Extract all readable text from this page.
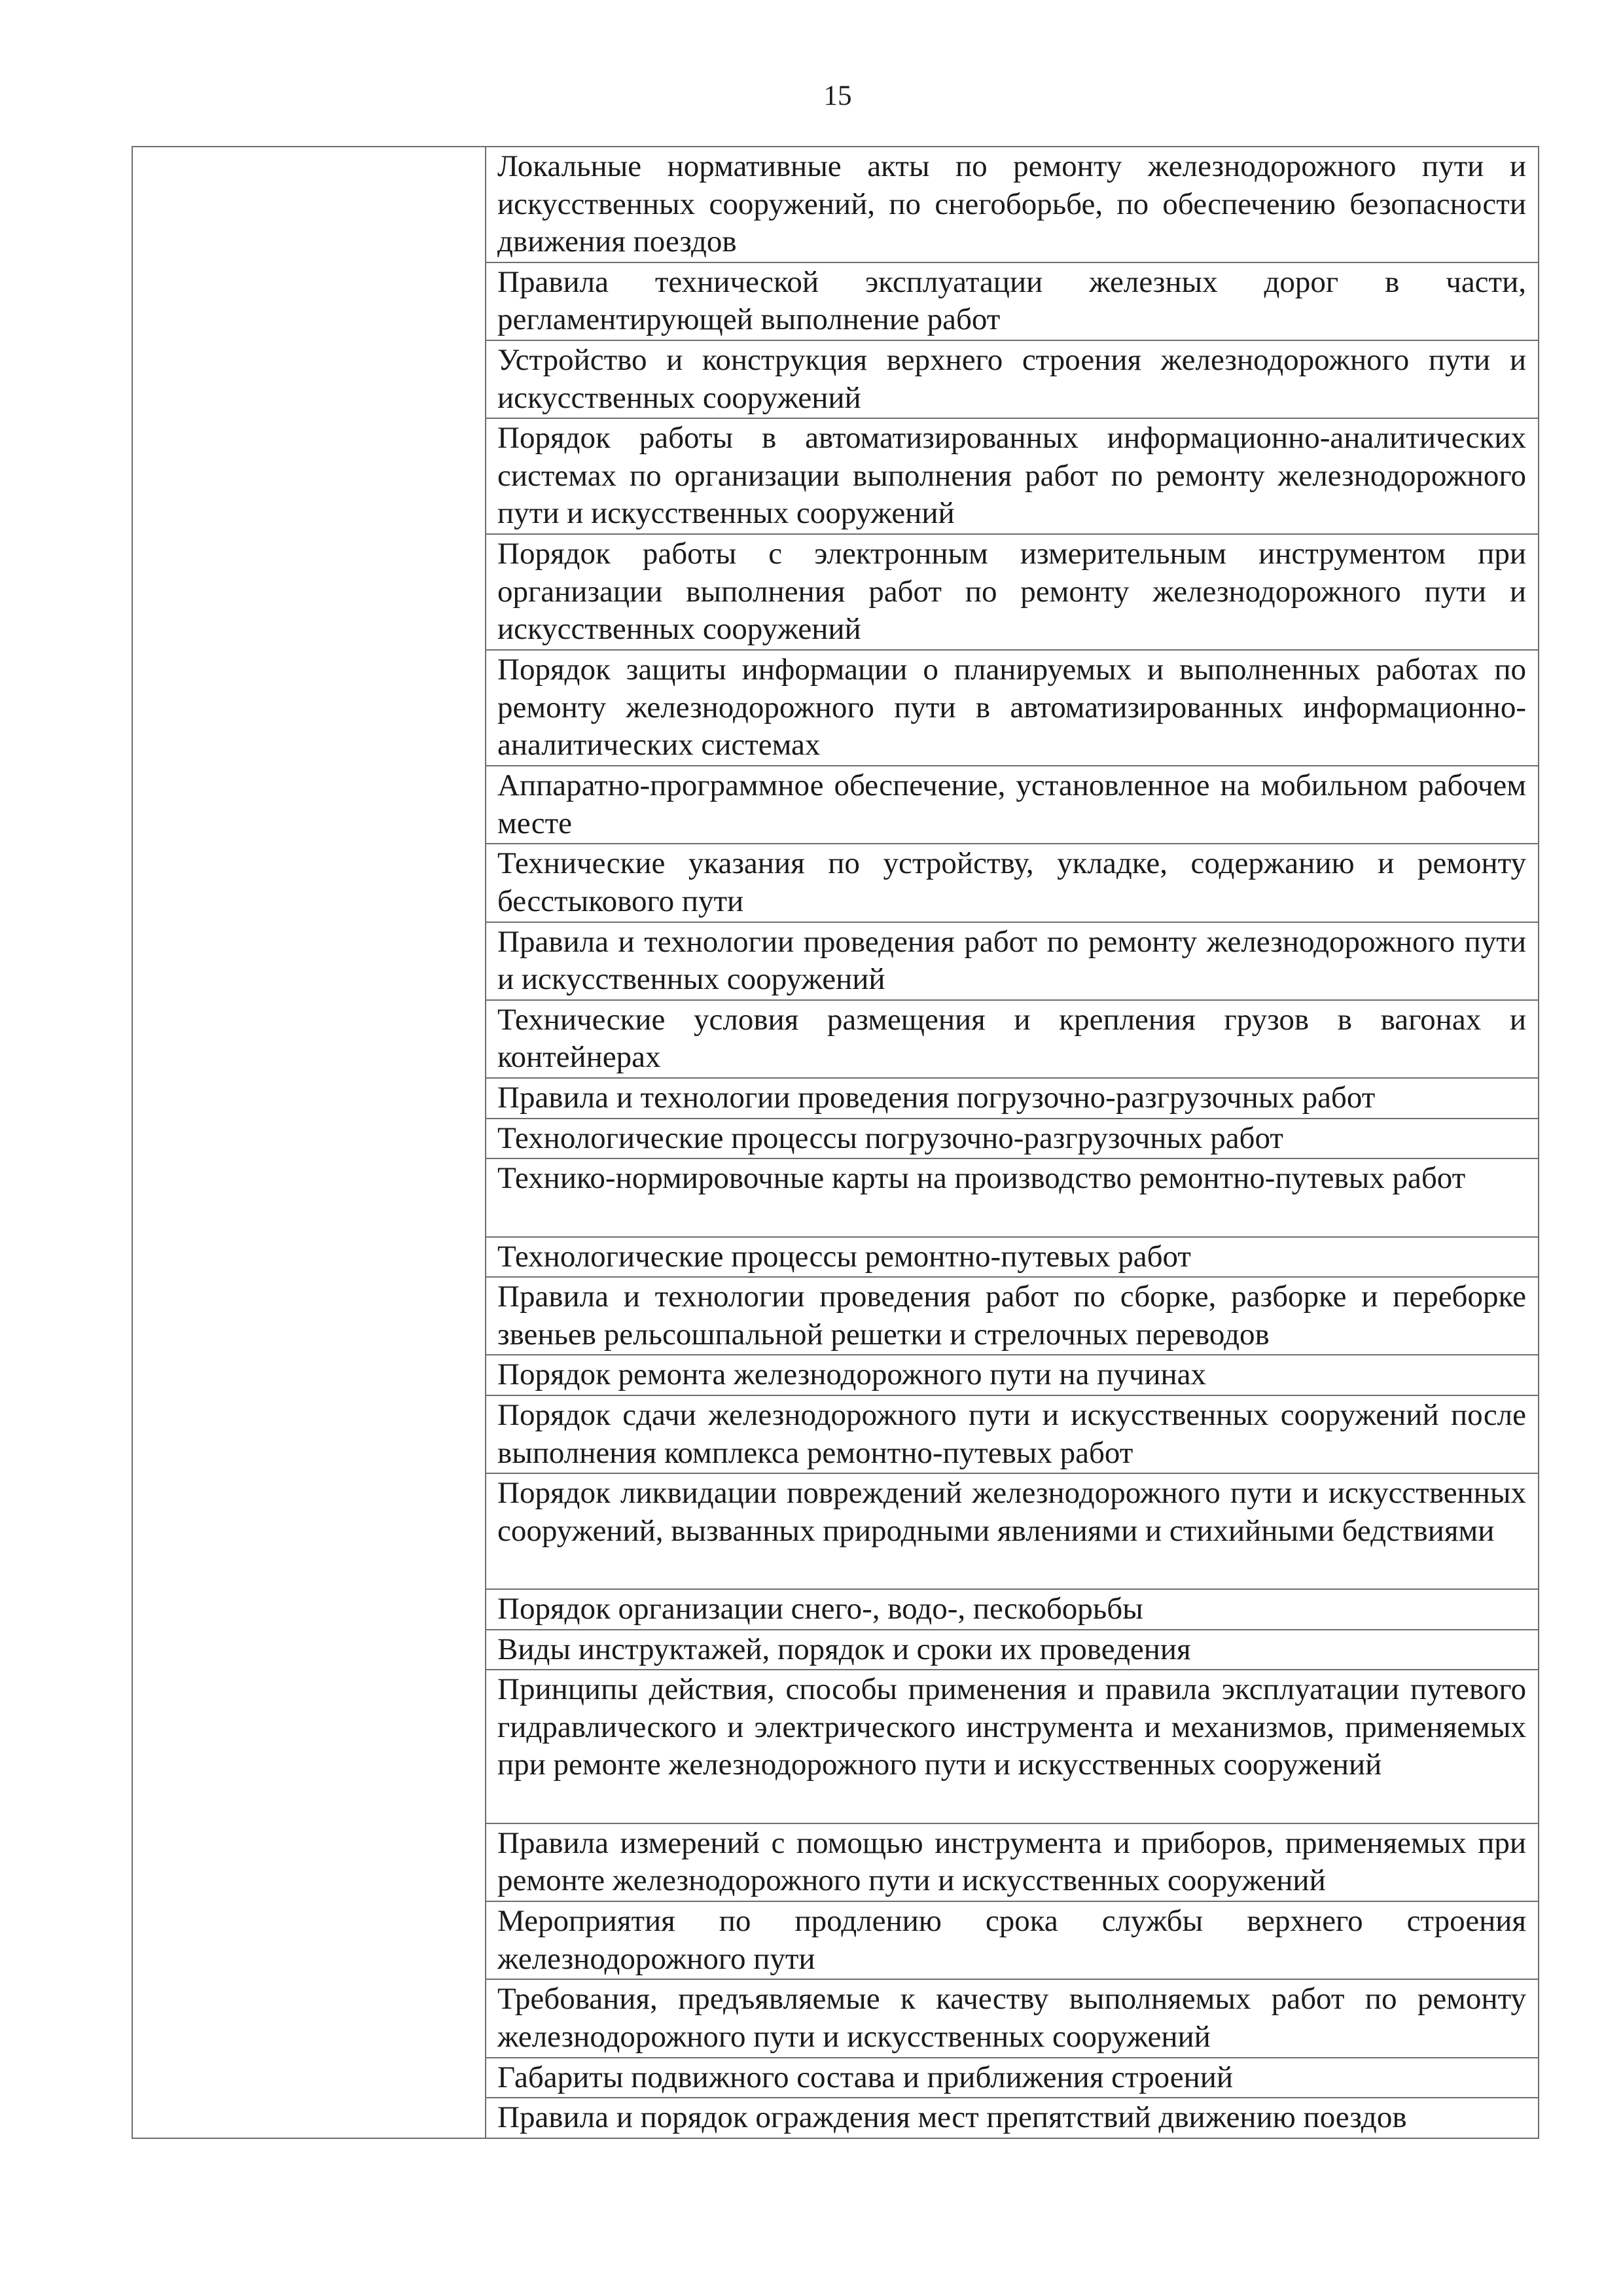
15

Локальные нормативные акты по ремонту железнодорожного пути и искусственных сооружений, по снегоборьбе, по обеспечению безопасности движения поездов

Правила технической эксплуатации железных дорог в части, регламентирующей выполнение работ

Устройство и конструкция верхнего строения железнодорожного пути и искусственных сооружений

Порядок работы в автоматизированных информационно-аналитических системах по организации выполнения работ по ремонту железнодорожного пути и искусственных сооружений

Порядок работы с электронным измерительным инструментом при организации выполнения работ по ремонту железнодорожного пути и искусственных сооружений

Порядок защиты информации о планируемых и выполненных работах по ремонту железнодорожного пути в автоматизированных информационно-аналитических системах

Аппаратно-программное обеспечение, установленное на мобильном рабочем месте

Технические указания по устройству, укладке, содержанию и ремонту бесстыкового пути

Правила и технологии проведения работ по ремонту железнодорожного пути и искусственных сооружений

Технические условия размещения и крепления грузов в вагонах и контейнерах

Правила и технологии проведения погрузочно-разгрузочных работ

Технологические процессы погрузочно-разгрузочных работ

Технико-нормировочные карты на производство ремонтно-путевых работ

Технологические процессы ремонтно-путевых работ

Правила и технологии проведения работ по сборке, разборке и переборке звеньев рельсошпальной решетки и стрелочных переводов

Порядок ремонта железнодорожного пути на пучинах

Порядок сдачи железнодорожного пути и искусственных сооружений после выполнения комплекса ремонтно-путевых работ

Порядок ликвидации повреждений железнодорожного пути и искусственных сооружений, вызванных природными явлениями и стихийными бедствиями

Порядок организации снего-, водо-, пескоборьбы

Виды инструктажей, порядок и сроки их проведения

Принципы действия, способы применения и правила эксплуатации путевого гидравлического и электрического инструмента и механизмов, применяемых при ремонте железнодорожного пути и искусственных сооружений

Правила измерений с помощью инструмента и приборов, применяемых при ремонте железнодорожного пути и искусственных сооружений

Мероприятия по продлению срока службы верхнего строения железнодорожного пути

Требования, предъявляемые к качеству выполняемых работ по ремонту железнодорожного пути и искусственных сооружений

Габариты подвижного состава и приближения строений

Правила и порядок ограждения мест препятствий движению поездов
